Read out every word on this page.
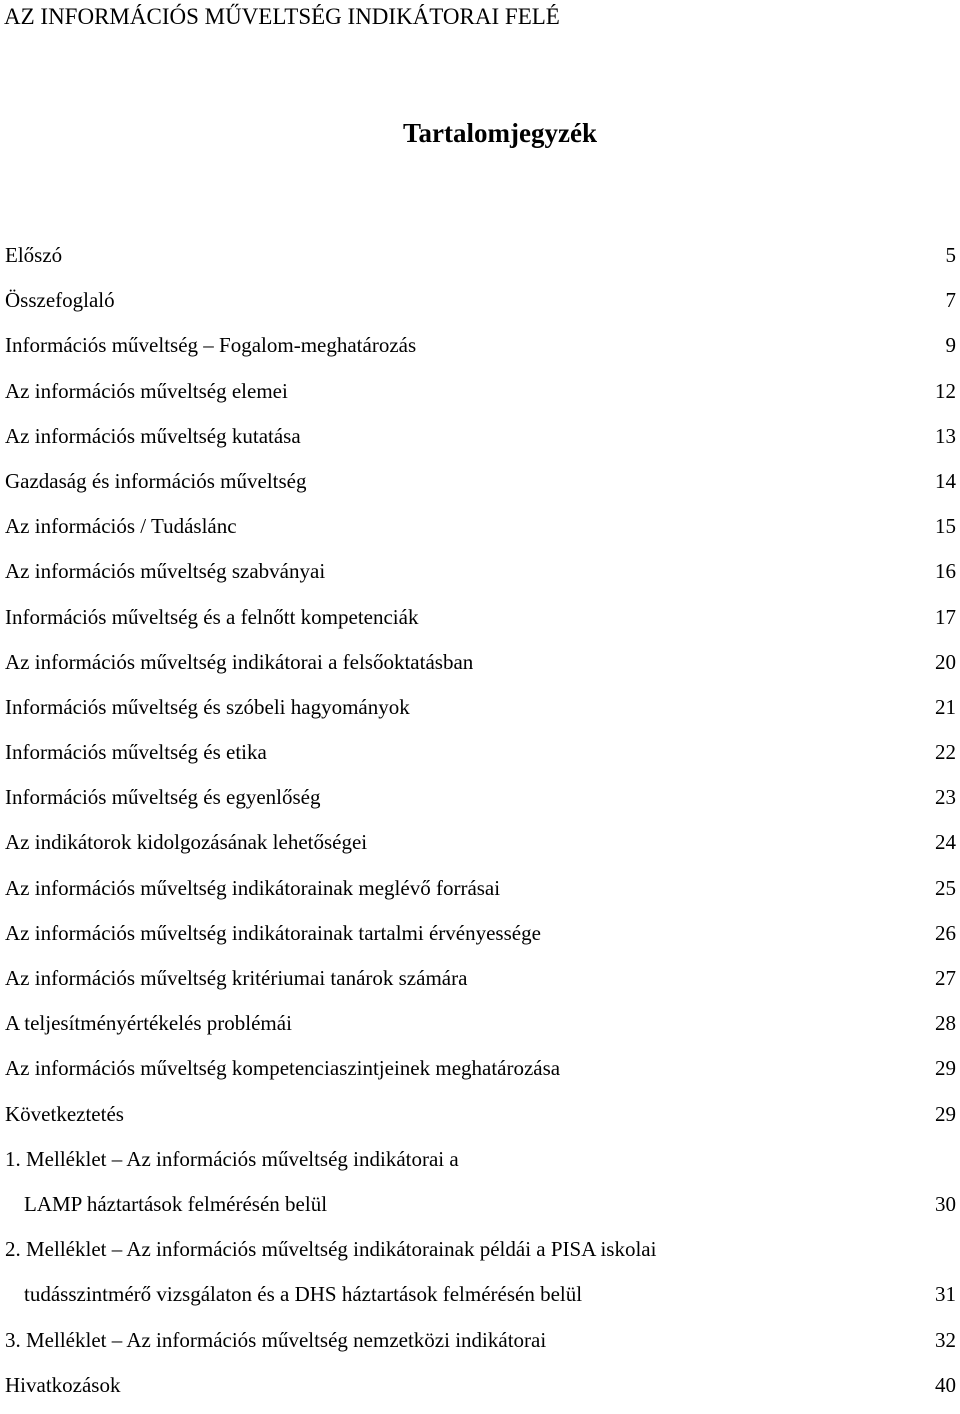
AZ INFORMÁCIÓS MŰVELTSÉG INDIKÁTORAI FELÉ
Tartalomjegyzék
Előszó	5
Összefoglaló	7
Információs műveltség – Fogalom-meghatározás	9
Az információs műveltség elemei	12
Az információs műveltség kutatása	13
Gazdaság és információs műveltség	14
Az információs / Tudáslánc	15
Az információs műveltség szabványai	16
Információs műveltség és a felnőtt kompetenciák	17
Az információs műveltség indikátorai a felsőoktatásban	20
Információs műveltség és szóbeli hagyományok	21
Információs műveltség és etika	22
Információs műveltség és egyenlőség	23
Az indikátorok kidolgozásának lehetőségei	24
Az információs műveltség indikátorainak meglévő forrásai	25
Az információs műveltség indikátorainak tartalmi érvényessége	26
Az információs műveltség kritériumai tanárok számára	27
A teljesítményértékelés problémái	28
Az információs műveltség kompetenciaszintjeinek meghatározása	29
Következtetés	29
1. Melléklet – Az információs műveltség indikátorai a
LAMP háztartások felmérésén belül	30
2. Melléklet – Az információs műveltség indikátorainak példái a PISA iskolai
tudásszintmérő vizsgálaton és a DHS háztartások felmérésén belül	31
3. Melléklet – Az információs műveltség nemzetközi indikátorai	32
Hivatkozások	40
